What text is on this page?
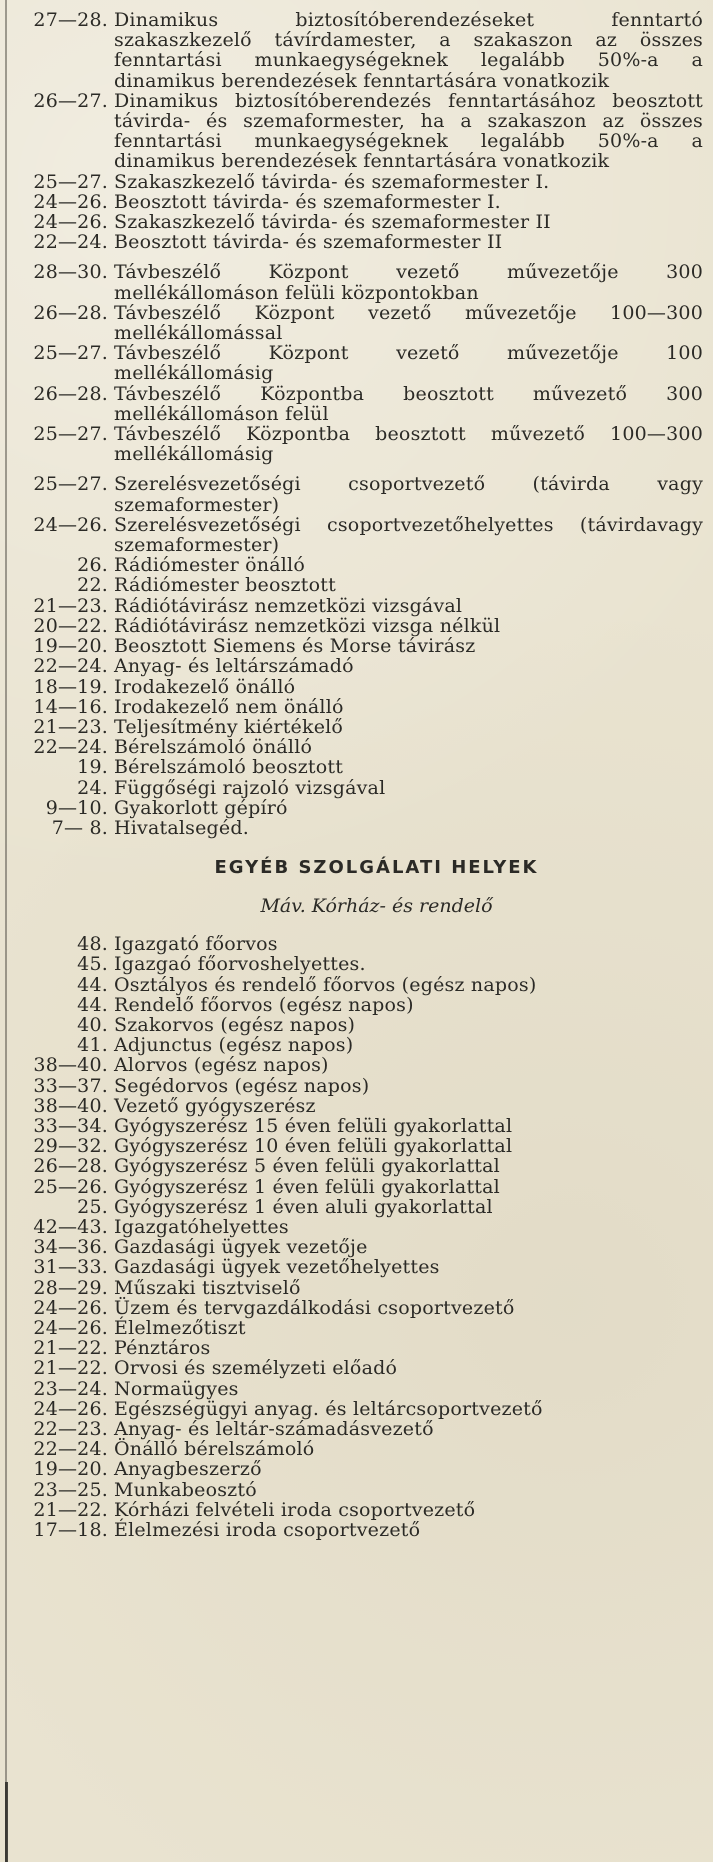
27—28. Dinamikus biztosítóberendezéseket fenntartó szakaszkezelő távírdamester, a szakaszon az összes fenntartási munkaegységeknek legalább 50%-a a dinamikus berendezések fenntartására vonatkozik
26—27. Dinamikus biztosítóberendezés fenntartásához beosztott távirda- és szemaformester, ha a szakaszon az összes fenntartási munkaegységeknek legalább 50%-a a dinamikus berendezések fenntartására vonatkozik
25—27. Szakaszkezelő távirda- és szemaformester I.
24—26. Beosztott távirda- és szemaformester I.
24—26. Szakaszkezelő távirda- és szemaformester II
22—24. Beosztott távirda- és szemaformester II
28—30. Távbeszélő Központ vezető művezetője 300 mellékállomáson felüli központokban
26—28. Távbeszélő Központ vezető művezetője 100—300 mellékállomással
25—27. Távbeszélő Központ vezető művezetője 100 mellékállomásig
26—28. Távbeszélő Központba beosztott művezető 300 mellékállomáson felül
25—27. Távbeszélő Központba beosztott művezető 100—300 mellékállomásig
25—27. Szerelésvezetőségi csoportvezető (távirda vagy szemaformester)
24—26. Szerelésvezetőségi csoportvezetőhelyettes (távirdavagy szemaformester)
26. Rádiómester önálló
22. Rádiómester beosztott
21—23. Rádiótávirász nemzetközi vizsgával
20—22. Rádiótávirász nemzetközi vizsga nélkül
19—20. Beosztott Siemens és Morse távirász
22—24. Anyag- és leltárszámadó
18—19. Irodakezelő önálló
14—16. Irodakezelő nem önálló
21—23. Teljesítmény kiértékelő
22—24. Bérelszámoló önálló
19. Bérelszámoló beosztott
24. Függőségi rajzoló vizsgával
9—10. Gyakorlott gépíró
7— 8. Hivatalsegéd.
EGYÉB SZOLGÁLATI HELYEK
Máv. Kórház- és rendelő
48. Igazgató főorvos
45. Igazgaó főorvoshelyettes.
44. Osztályos és rendelő főorvos (egész napos)
44. Rendelő főorvos (egész napos)
40. Szakorvos (egész napos)
41. Adjunctus (egész napos)
38—40. Alorvos (egész napos)
33—37. Segédorvos (egész napos)
38—40. Vezető gyógyszerész
33—34. Gyógyszerész 15 éven felüli gyakorlattal
29—32. Gyógyszerész 10 éven felüli gyakorlattal
26—28. Gyógyszerész 5 éven felüli gyakorlattal
25—26. Gyógyszerész 1 éven felüli gyakorlattal
25. Gyógyszerész 1 éven aluli gyakorlattal
42—43. Igazgatóhelyettes
34—36. Gazdasági ügyek vezetője
31—33. Gazdasági ügyek vezetőhelyettes
28—29. Műszaki tisztviselő
24—26. Üzem és tervgazdálkodási csoportvezető
24—26. Élelmezőtiszt
21—22. Pénztáros
21—22. Orvosi és személyzeti előadó
23—24. Normaügyes
24—26. Egészségügyi anyag. és leltárcsoportvezető
22—23. Anyag- és leltár-számadásvezető
22—24. Önálló bérelszámoló
19—20. Anyagbeszerző
23—25. Munkabeosztó
21—22. Kórházi felvételi iroda csoportvezető
17—18. Élelmezési iroda csoportvezető
